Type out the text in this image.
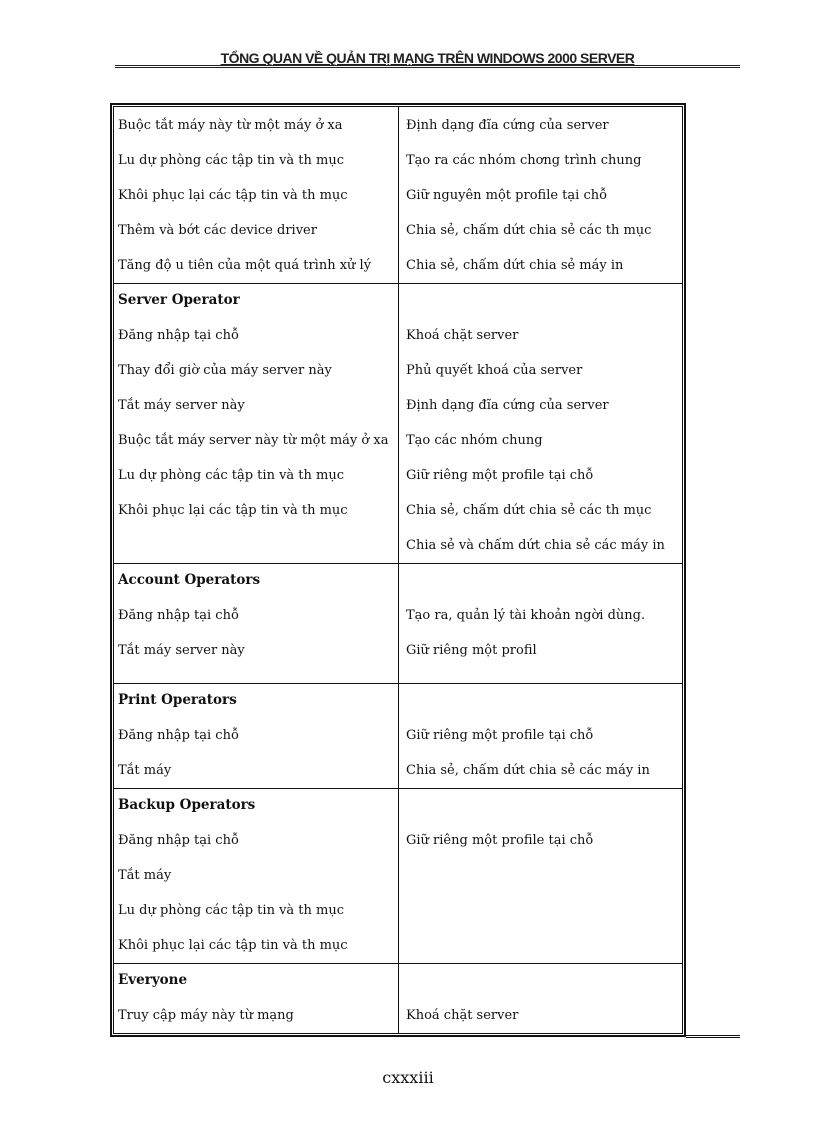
TỔNG QUAN VỀ QUẢN TRỊ MẠNG TRÊN WINDOWS 2000 SERVER
Buộc tắt máy này từ một máy ở xa
Lu dự phòng các tập tin và th mục
Khôi phục lại các tập tin và th mục
Thêm và bớt các device driver
Tăng độ u tiên của một quá trình xử lý
Định dạng đĩa cứng của server
Tạo ra các nhóm chơng trình chung
Giữ nguyên một profile tại chỗ
Chia sẻ, chấm dứt chia sẻ các th mục
Chia sẻ, chấm dứt chia sẻ máy in
Server Operator
Đăng nhập tại chỗ
Thay đổi giờ của máy server này
Tắt máy server này
Buộc tắt máy server này từ một máy ở xa
Lu dự phòng các tập tin và th mục
Khôi phục lại các tập tin và th mục
Khoá chặt server
Phủ quyết khoá của server
Định dạng đĩa cứng của server
Tạo các nhóm chung
Giữ riêng một profile tại chỗ
Chia sẻ, chấm dứt chia sẻ các th mục
Chia sẻ và chấm dứt chia sẻ các máy in
Account Operators
Đăng nhập tại chỗ
Tắt máy server này
Tạo ra, quản lý tài khoản ngời dùng.
Giữ riêng một profil
Print Operators
Đăng nhập tại chỗ
Tắt máy
Giữ riêng một profile tại chỗ
Chia sẻ, chấm dứt chia sẻ các máy in
Backup Operators
Đăng nhập tại chỗ
Tắt máy
Lu dự phòng các tập tin và th mục
Khôi phục lại các tập tin và th mục
Giữ riêng một profile tại chỗ
Everyone
Truy cập máy này từ mạng	Khoá chặt server
cxxxiii
